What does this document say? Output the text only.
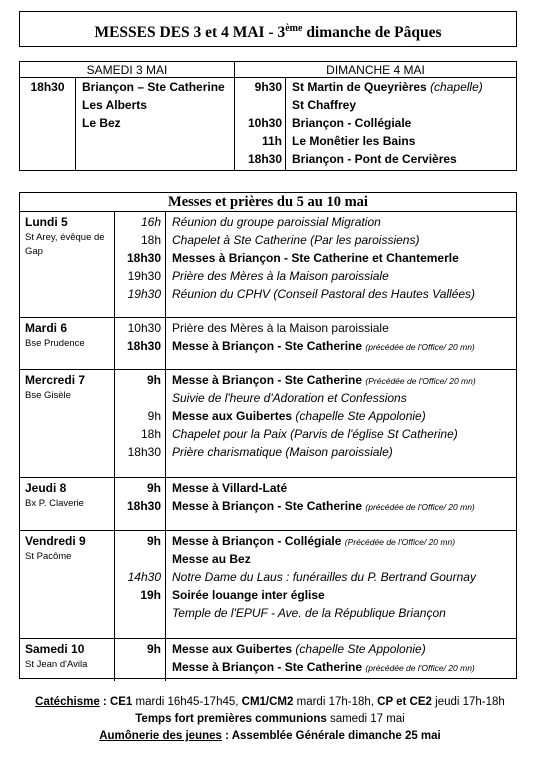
MESSES DES 3 et 4 MAI - 3ème dimanche de Pâques
SAMEDI 3 MAI	DIMANCHE 4 MAI
18h30	Briançon – Ste Catherine
Les Alberts
Le Bez
9h30
10h30
11h
18h30
St Martin de Queyrières (chapelle)
St Chaffrey
Briançon - Collégiale
Le Monêtier les Bains
Briançon - Pont de Cervières
Messes et prières du 5 au 10 mai
Lundi 5
St Arey, évêque de Gap
16h
18h
18h30
19h30
19h30
Réunion du groupe paroissial Migration
Chapelet à Ste Catherine (Par les paroissiens)
Messes à Briançon - Ste Catherine et Chantemerle
Prière des Mères à la Maison paroissiale
Réunion du CPHV (Conseil Pastoral des Hautes Vallées)
Mardi 6
Bse Prudence
10h30
18h30
Prière des Mères à la Maison paroissiale
Messe à Briançon - Ste Catherine (précédée de l'Office/ 20 mn)
Mercredi 7
Bse Gisèle
9h
9h
18h
18h30
Messe à Briançon - Ste Catherine (Précédée de l'Office/ 20 mn)
Suivie de l'heure d'Adoration et Confessions
Messe aux Guibertes (chapelle Ste Appolonie)
Chapelet pour la Paix (Parvis de l'église St Catherine)
Prière charismatique (Maison paroissiale)
Jeudi 8
Bx P. Claverie
9h
18h30
Messe à Villard-Laté
Messe à Briançon - Ste Catherine (précédée de l'Office/ 20 mn)
Vendredi 9
St Pacôme
9h
14h30
19h
Messe à Briançon - Collégiale (Précédée de l'Office/ 20 mn)
Messe au Bez
Notre Dame du Laus : funérailles du P. Bertrand Gournay
Soirée louange inter église
Temple de l'EPUF - Ave. de la République Briançon
Samedi 10
St Jean d'Avila
9h Messe aux Guibertes (chapelle Ste Appolonie)
Messe à Briançon - Ste Catherine (précédée de l'Office/ 20 mn)
Catéchisme : CE1 mardi 16h45-17h45, CM1/CM2 mardi 17h-18h, CP et CE2 jeudi 17h-18h
Temps fort premières communions samedi 17 mai
Aumônerie des jeunes : Assemblée Générale dimanche 25 mai
